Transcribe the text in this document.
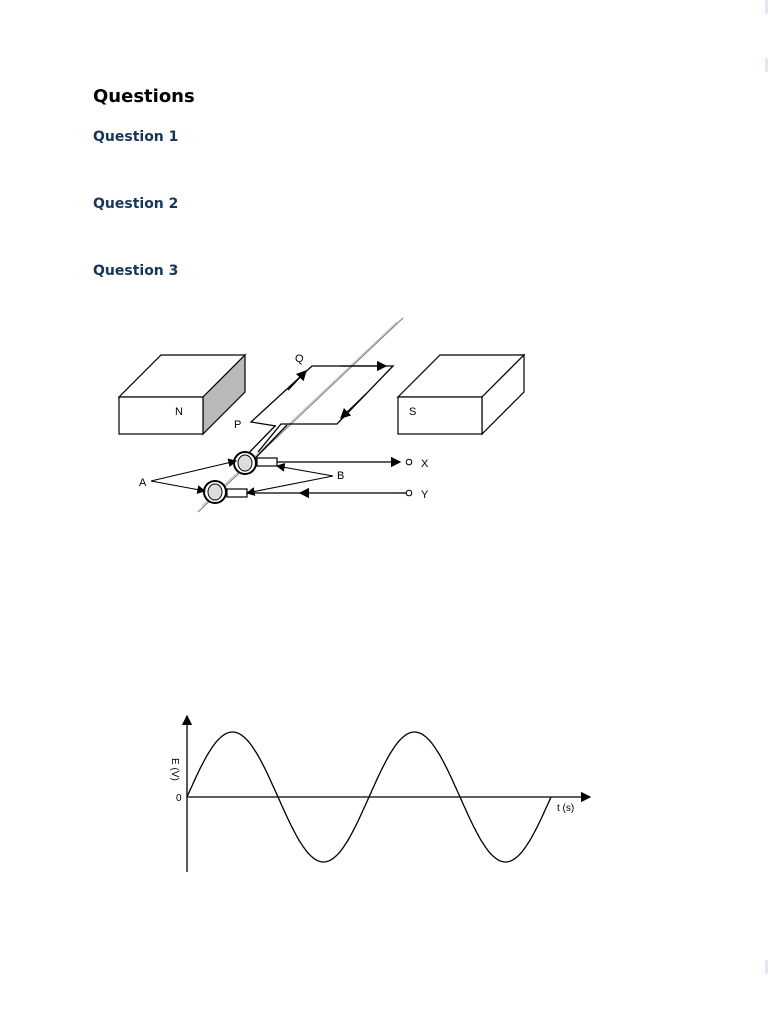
Questions
Question 1
Question 2
Question 3
N	S
Q
P
X
Y
A
B
E (V)
t (s)
0
